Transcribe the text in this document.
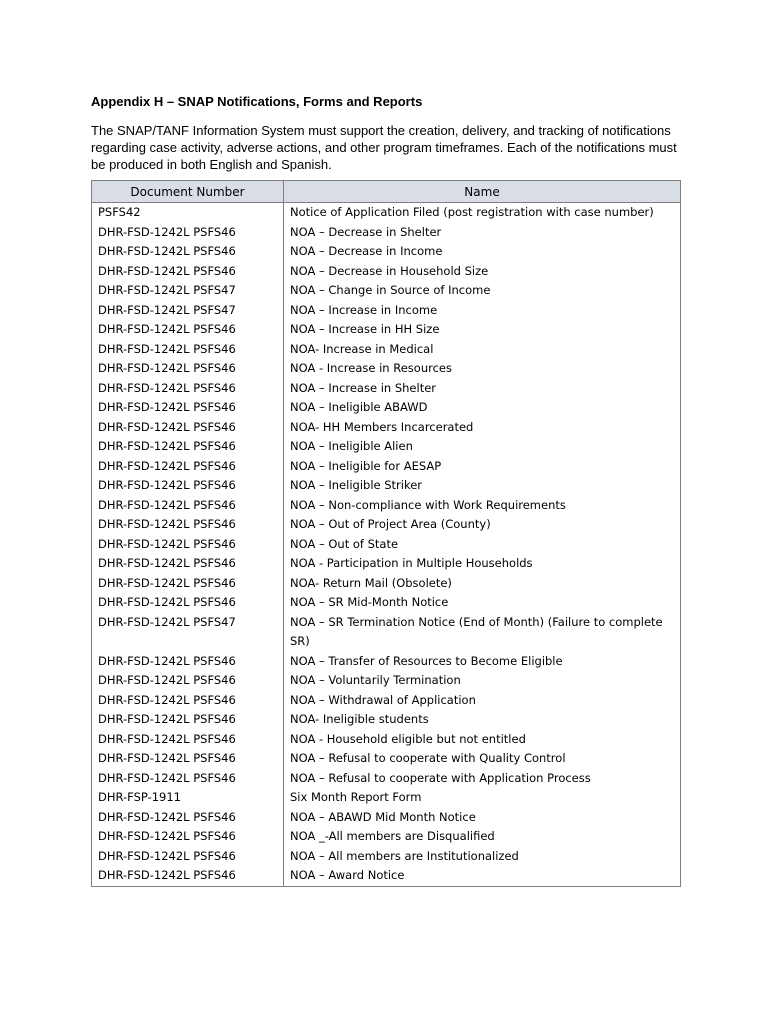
Appendix H – SNAP Notifications, Forms and Reports

The SNAP/TANF Information System must support the creation, delivery, and tracking of notifications regarding case activity, adverse actions, and other program timeframes. Each of the notifications must be produced in both English and Spanish.

Document Number	Name
PSFS42	Notice of Application Filed (post registration with case number)
DHR-FSD-1242L PSFS46	NOA – Decrease in Shelter
DHR-FSD-1242L PSFS46	NOA – Decrease in Income
DHR-FSD-1242L PSFS46	NOA – Decrease in Household Size
DHR-FSD-1242L PSFS47	NOA – Change in Source of Income
DHR-FSD-1242L PSFS47	NOA – Increase in Income
DHR-FSD-1242L PSFS46	NOA – Increase in HH Size
DHR-FSD-1242L PSFS46	NOA- Increase in Medical
DHR-FSD-1242L PSFS46	NOA - Increase in Resources
DHR-FSD-1242L PSFS46	NOA – Increase in Shelter
DHR-FSD-1242L PSFS46	NOA – Ineligible ABAWD
DHR-FSD-1242L PSFS46	NOA- HH Members Incarcerated
DHR-FSD-1242L PSFS46	NOA – Ineligible Alien
DHR-FSD-1242L PSFS46	NOA – Ineligible for AESAP
DHR-FSD-1242L PSFS46	NOA – Ineligible Striker
DHR-FSD-1242L PSFS46	NOA – Non-compliance with Work Requirements
DHR-FSD-1242L PSFS46	NOA – Out of Project Area (County)
DHR-FSD-1242L PSFS46	NOA – Out of State
DHR-FSD-1242L PSFS46	NOA - Participation in Multiple Households
DHR-FSD-1242L PSFS46	NOA- Return Mail (Obsolete)
DHR-FSD-1242L PSFS46	NOA – SR Mid-Month Notice
DHR-FSD-1242L PSFS47	NOA – SR Termination Notice (End of Month) (Failure to complete SR)
DHR-FSD-1242L PSFS46	NOA – Transfer of Resources to Become Eligible
DHR-FSD-1242L PSFS46	NOA – Voluntarily Termination
DHR-FSD-1242L PSFS46	NOA – Withdrawal of Application
DHR-FSD-1242L PSFS46	NOA- Ineligible students
DHR-FSD-1242L PSFS46	NOA - Household eligible but not entitled
DHR-FSD-1242L PSFS46	NOA – Refusal to cooperate with Quality Control
DHR-FSD-1242L PSFS46	NOA – Refusal to cooperate with Application Process
DHR-FSP-1911	Six Month Report Form
DHR-FSD-1242L PSFS46	NOA – ABAWD Mid Month Notice
DHR-FSD-1242L PSFS46	NOA _-All members are Disqualified
DHR-FSD-1242L PSFS46	NOA – All members are Institutionalized
DHR-FSD-1242L PSFS46	NOA – Award Notice
